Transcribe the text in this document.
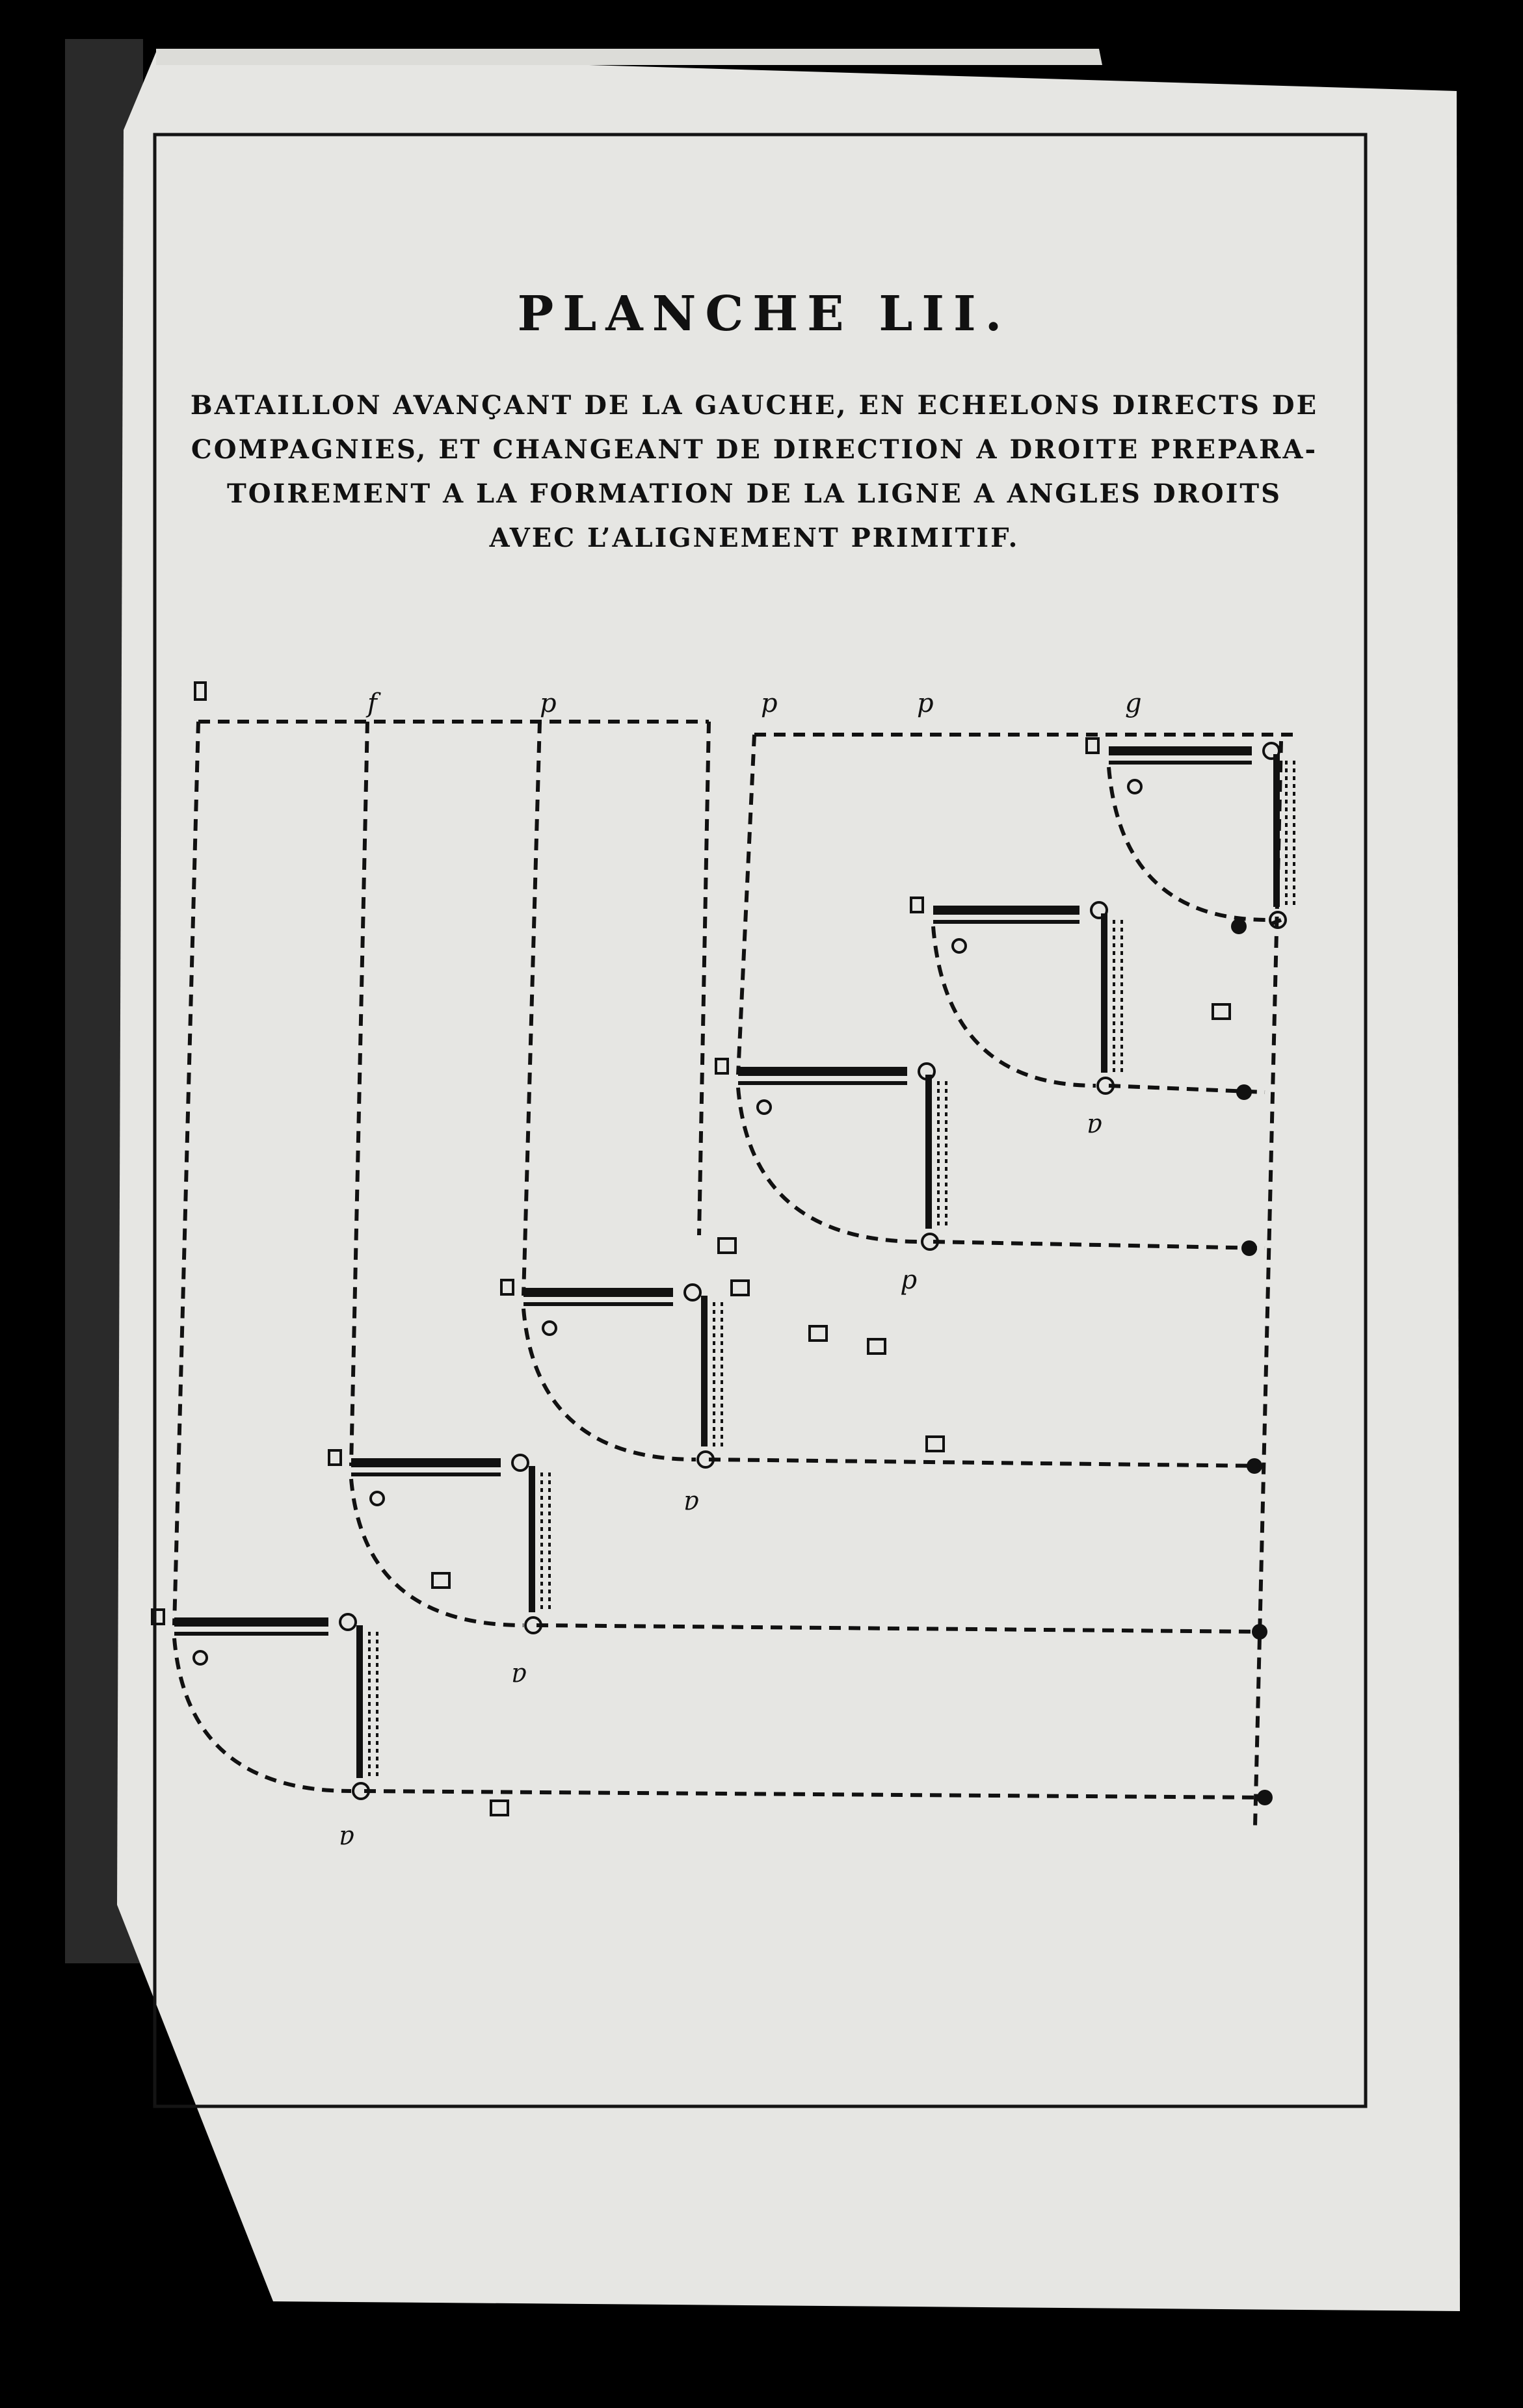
PLANCHE LII.
BATAILLON AVANÇANT DE LA GAUCHE, EN ECHELONS DIRECTS DE
COMPAGNIES, ET CHANGEANT DE DIRECTION A DROITE PREPARA-
TOIREMENT A LA FORMATION DE LA LIGNE A ANGLES DROITS
AVEC L’ALIGNEMENT PRIMITIF.
f	p	p	p	g
a
a
a
a
d
